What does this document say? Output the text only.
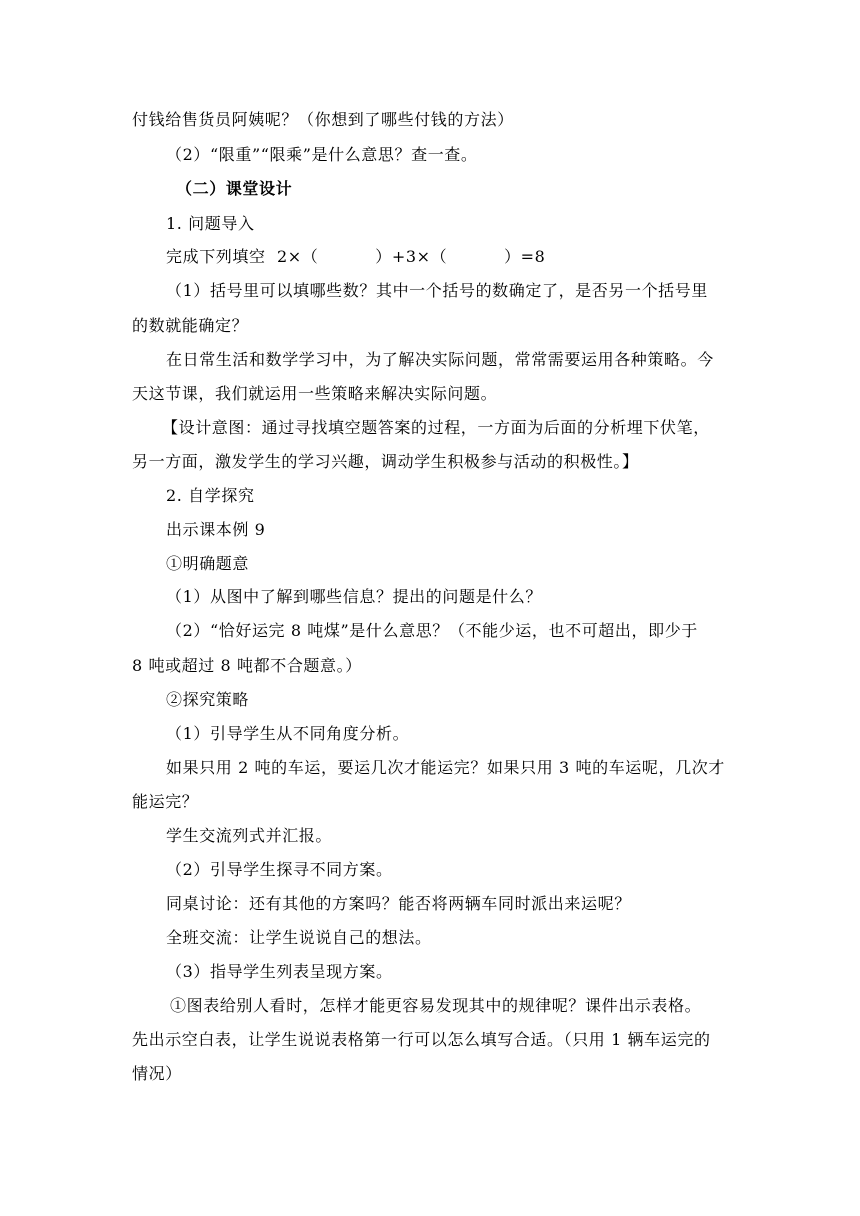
付钱给售货员阿姨呢？（你想到了哪些付钱的方法）
（2）“限重”“限乘”是什么意思？查一查。
（二）课堂设计
1. 问题导入
完成下列填空  2×（          ）+3×（          ）=8
（1）括号里可以填哪些数？其中一个括号的数确定了，是否另一个括号里
的数就能确定？
在日常生活和数学学习中，为了解决实际问题，常常需要运用各种策略。今
天这节课，我们就运用一些策略来解决实际问题。
【设计意图：通过寻找填空题答案的过程，一方面为后面的分析埋下伏笔，
另一方面，激发学生的学习兴趣，调动学生积极参与活动的积极性。】
2. 自学探究
出示课本例 9
①明确题意
（1）从图中了解到哪些信息？提出的问题是什么？
（2）“恰好运完 8 吨煤”是什么意思？（不能少运，也不可超出，即少于
8 吨或超过 8 吨都不合题意。）
②探究策略
（1）引导学生从不同角度分析。
如果只用 2 吨的车运，要运几次才能运完？如果只用 3 吨的车运呢，几次才
能运完？
学生交流列式并汇报。
（2）引导学生探寻不同方案。
同桌讨论：还有其他的方案吗？能否将两辆车同时派出来运呢？
全班交流：让学生说说自己的想法。
（3）指导学生列表呈现方案。
①图表给别人看时，怎样才能更容易发现其中的规律呢？课件出示表格。
先出示空白表，让学生说说表格第一行可以怎么填写合适。（只用 1 辆车运完的
情况）
